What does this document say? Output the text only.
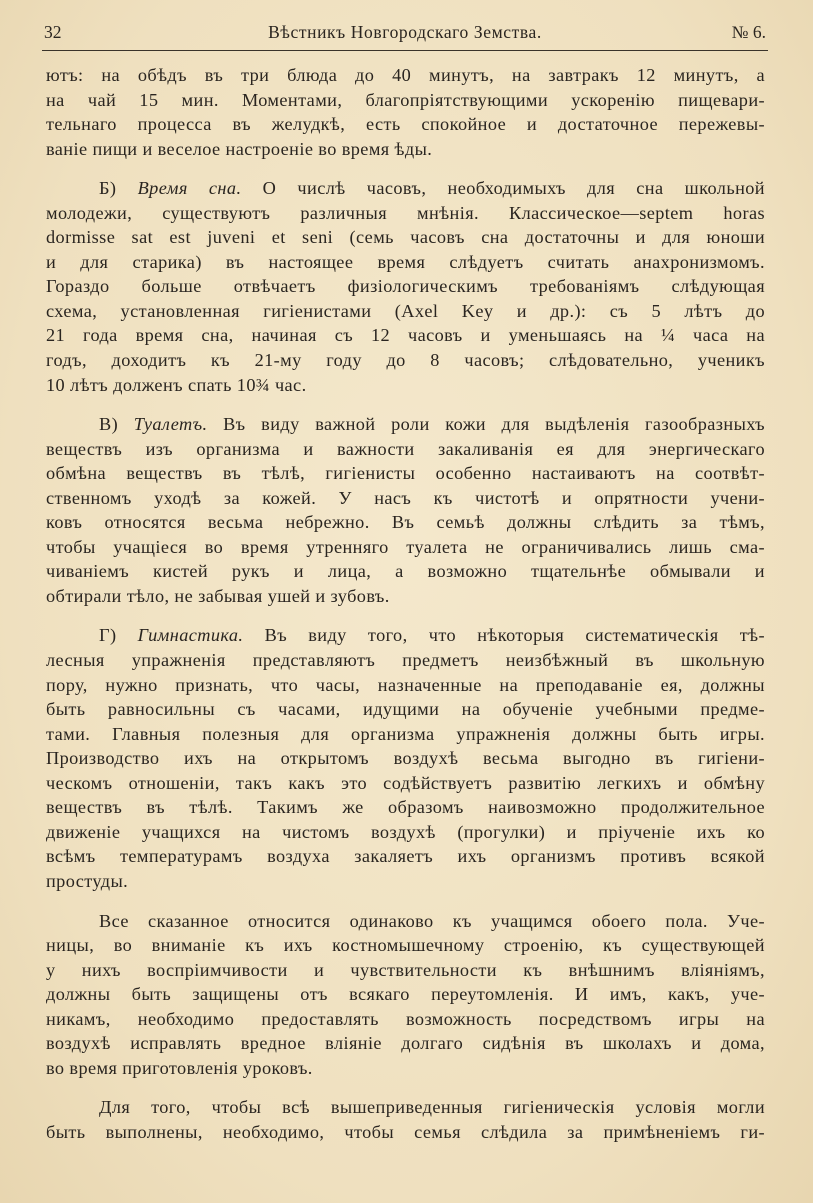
32	Вѣстникъ Новгородскаго Земства.	№ 6.

ютъ: на обѣдъ въ три блюда до 40 минутъ, на завтракъ 12 минутъ, а
на чай 15 мин. Моментами, благопріятствующими ускоренію пищевари-
тельнаго процесса въ желудкѣ, есть спокойное и достаточное пережевы-
ваніе пищи и веселое настроеніе во время ѣды.

Б) Время сна. О числѣ часовъ, необходимыхъ для сна школьной
молодежи, существуютъ различныя мнѣнія. Классическое—septem horas
dormisse sat est juveni et seni (семь часовъ сна достаточны и для юноши
и для старика) въ настоящее время слѣдуетъ считать анахронизмомъ.
Гораздо больше отвѣчаетъ физіологическимъ требованіямъ слѣдующая
схема, установленная гигіенистами (Axel Key и др.): съ 5 лѣтъ до
21 года время сна, начиная съ 12 часовъ и уменьшаясь на ¼ часа на
годъ, доходитъ къ 21-му году до 8 часовъ; слѣдовательно, ученикъ
10 лѣтъ долженъ спать 10¾ час.

В) Туалетъ. Въ виду важной роли кожи для выдѣленія газообразныхъ
веществъ изъ организма и важности закаливанія ея для энергическаго
обмѣна веществъ въ тѣлѣ, гигіенисты особенно настаиваютъ на соотвѣт-
ственномъ уходѣ за кожей. У насъ къ чистотѣ и опрятности учени-
ковъ относятся весьма небрежно. Въ семьѣ должны слѣдить за тѣмъ,
чтобы учащіеся во время утренняго туалета не ограничивались лишь сма-
чиваніемъ кистей рукъ и лица, а возможно тщательнѣе обмывали и
обтирали тѣло, не забывая ушей и зубовъ.

Г) Гимнастика. Въ виду того, что нѣкоторыя систематическія тѣ-
лесныя упражненія представляютъ предметъ неизбѣжный въ школьную
пору, нужно признать, что часы, назначенные на преподаваніе ея, должны
быть равносильны съ часами, идущими на обученіе учебными предме-
тами. Главныя полезныя для организма упражненія должны быть игры.
Производство ихъ на открытомъ воздухѣ весьма выгодно въ гигіени-
ческомъ отношеніи, такъ какъ это содѣйствуетъ развитію легкихъ и обмѣну
веществъ въ тѣлѣ. Такимъ же образомъ наивозможно продолжительное
движеніе учащихся на чистомъ воздухѣ (прогулки) и пріученіе ихъ ко
всѣмъ температурамъ воздуха закаляетъ ихъ организмъ противъ всякой
простуды.

Все сказанное относится одинаково къ учащимся обоего пола. Уче-
ницы, во вниманіе къ ихъ костномышечному строенію, къ существующей
у нихъ воспріимчивости и чувствительности къ внѣшнимъ вліяніямъ,
должны быть защищены отъ всякаго переутомленія. И имъ, какъ, уче-
никамъ, необходимо предоставлять возможность посредствомъ игры на
воздухѣ исправлять вредное вліяніе долгаго сидѣнія въ школахъ и дома,
во время приготовленія уроковъ.

Для того, чтобы всѣ вышеприведенныя гигіеническія условія могли
быть выполнены, необходимо, чтобы семья слѣдила за примѣненіемъ ги-
